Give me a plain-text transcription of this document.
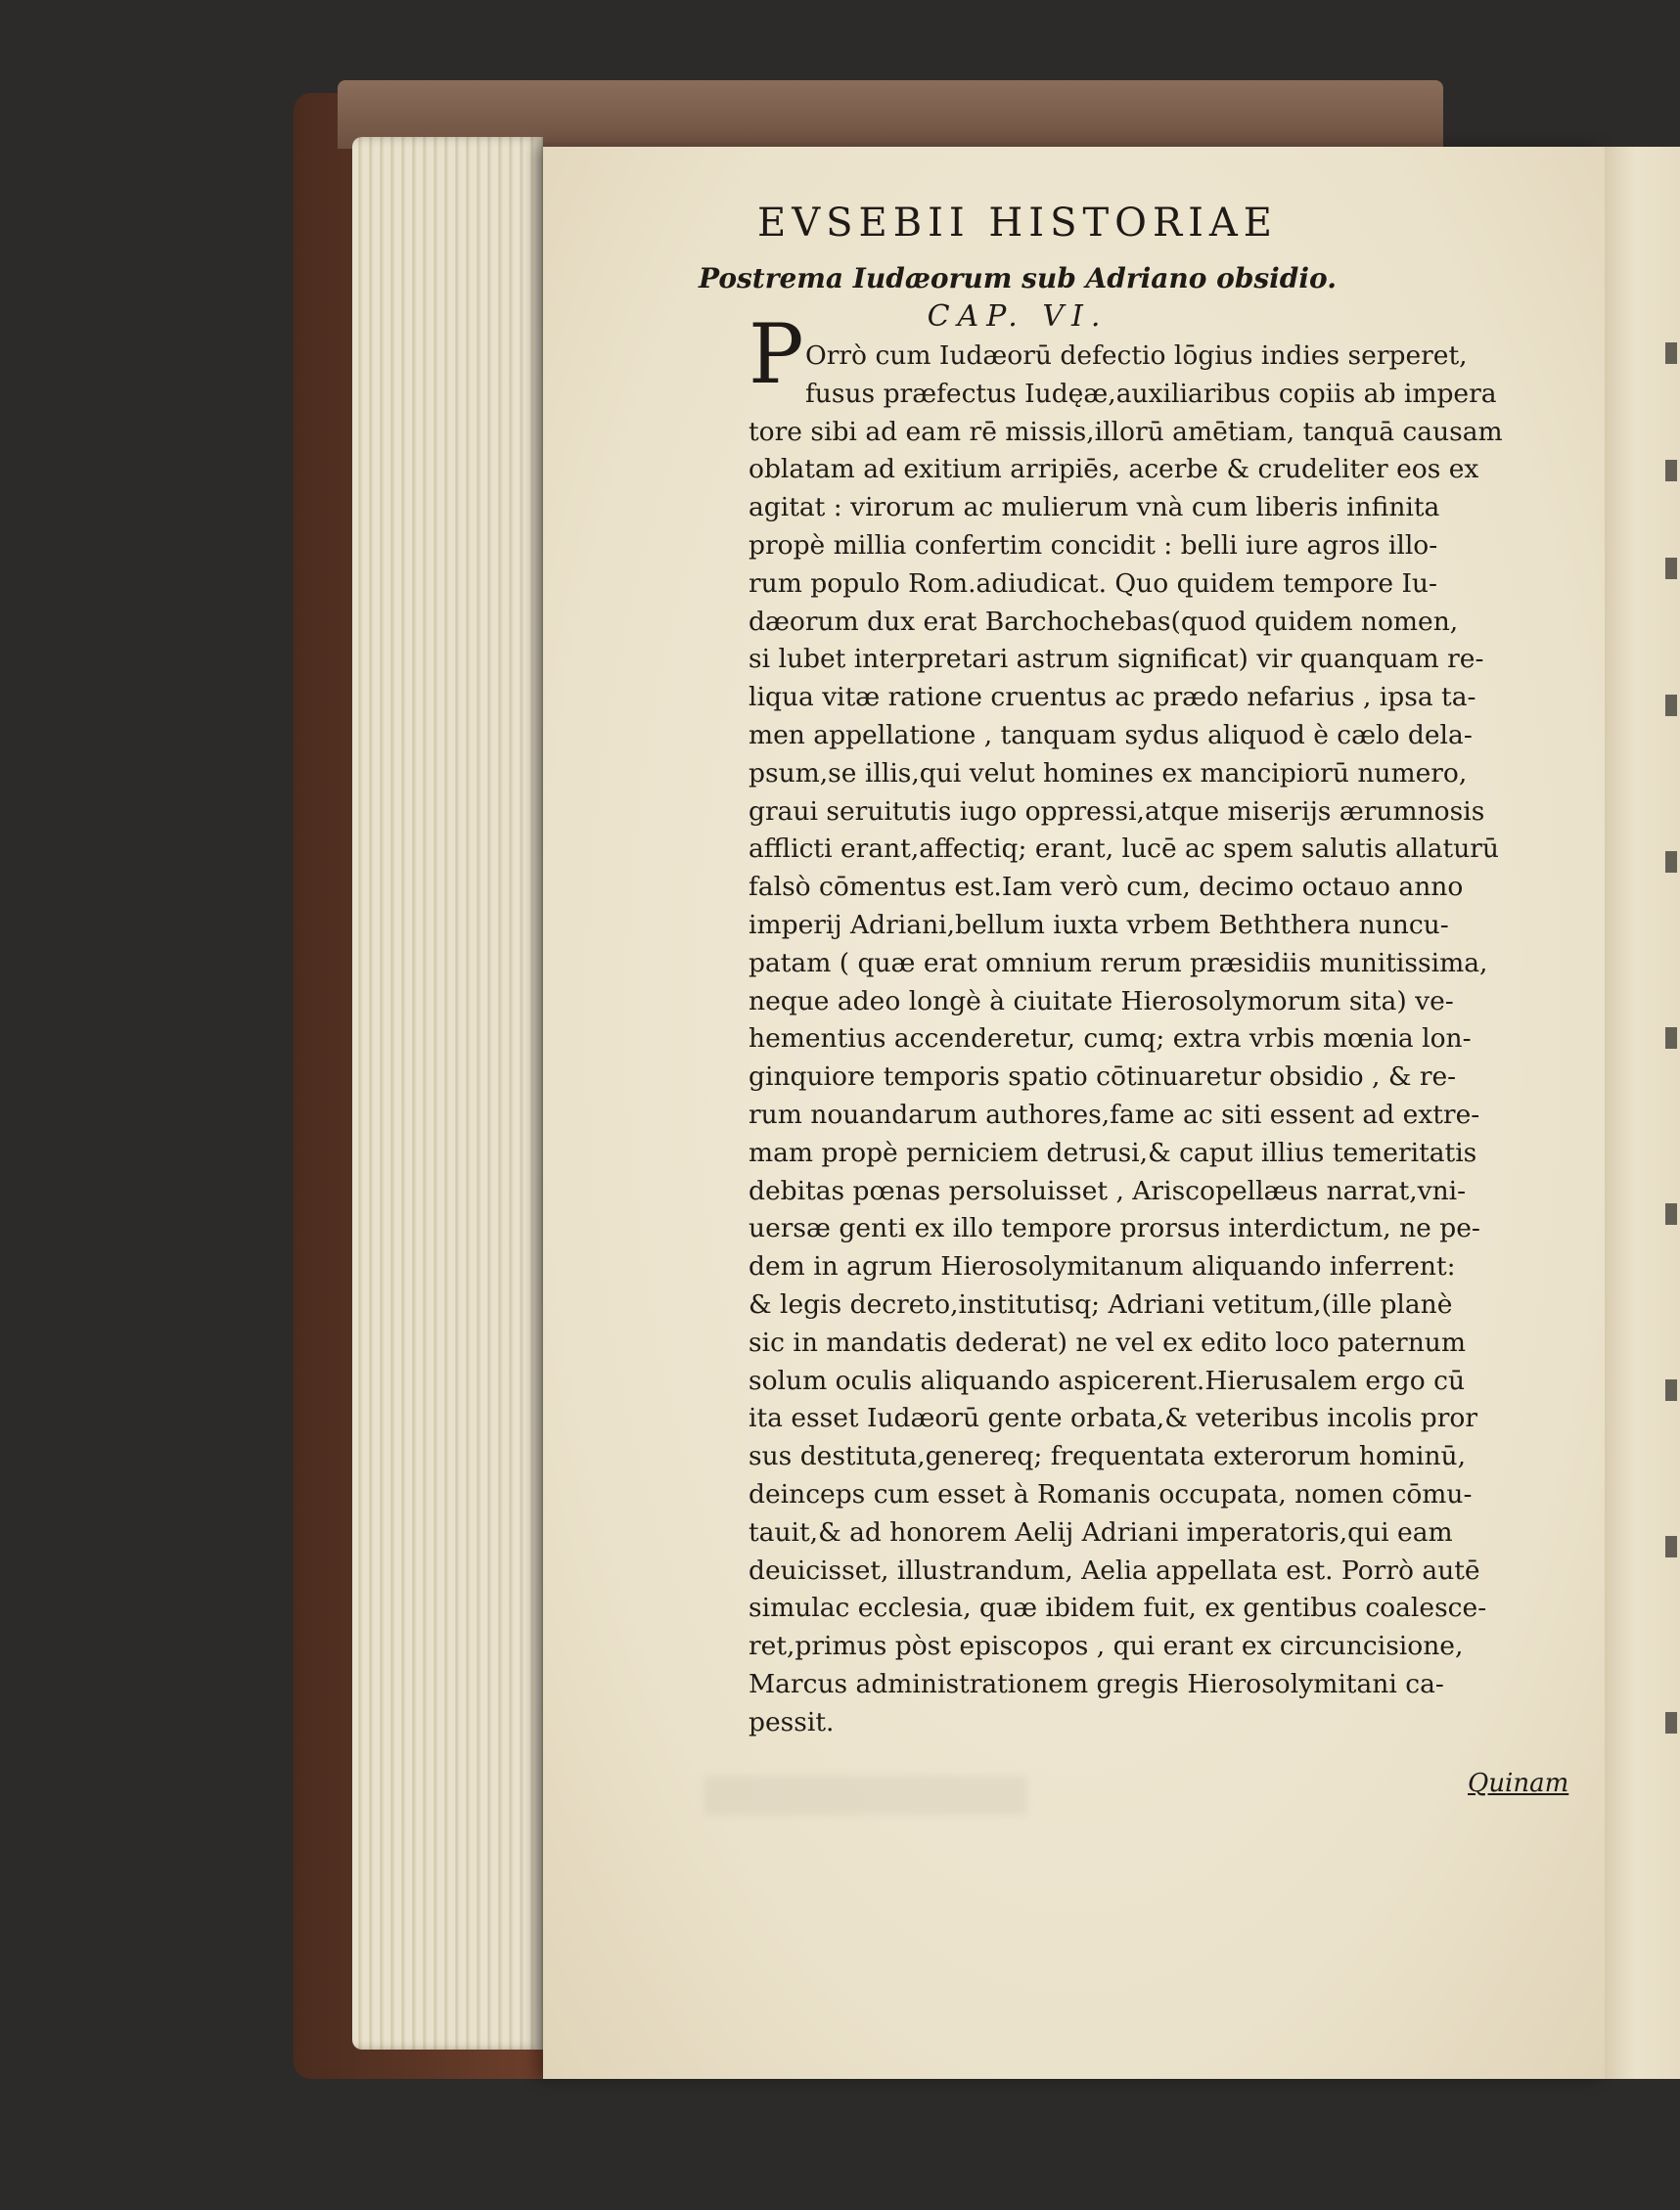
EVSEBII HISTORIAE

Postrema Iudæorum sub Adriano obsidio.

CAP. VI.

P Orrò cum Iudæorū defectio lōgius indies serperet,
fusus præfectus Iudęæ,auxiliaribus copiis ab impera
tore sibi ad eam rē missis,illorū amētiam, tanquā causam
oblatam ad exitium arripiēs, acerbe & crudeliter eos ex
agitat : virorum ac mulierum vnà cum liberis infinita
propè millia confertim concidit : belli iure agros illo-
rum populo Rom.adiudicat. Quo quidem tempore Iu-
dæorum dux erat Barchochebas(quod quidem nomen,
si lubet interpretari astrum significat) vir quanquam re-
liqua vitæ ratione cruentus ac prædo nefarius , ipsa ta-
men appellatione , tanquam sydus aliquod è cælo dela-
psum,se illis,qui velut homines ex mancipiorū numero,
graui seruitutis iugo oppressi,atque miserijs ærumnosis
afflicti erant,affectiq; erant, lucē ac spem salutis allaturū
falsò cōmentus est.Iam verò cum, decimo octauo anno
imperij Adriani,bellum iuxta vrbem Beththera nuncu-
patam ( quæ erat omnium rerum præsidiis munitissima,
neque adeo longè à ciuitate Hierosolymorum sita) ve-
hementius accenderetur, cumq; extra vrbis mœnia lon-
ginquiore temporis spatio cōtinuaretur obsidio , & re-
rum nouandarum authores,fame ac siti essent ad extre-
mam propè perniciem detrusi,& caput illius temeritatis
debitas pœnas persoluisset , Ariscopellæus narrat,vni-
uersæ genti ex illo tempore prorsus interdictum, ne pe-
dem in agrum Hierosolymitanum aliquando inferrent:
& legis decreto,institutisq; Adriani vetitum,(ille planè
sic in mandatis dederat) ne vel ex edito loco paternum
solum oculis aliquando aspicerent.Hierusalem ergo cū
ita esset Iudæorū gente orbata,& veteribus incolis pror
sus destituta,genereq; frequentata exterorum hominū,
deinceps cum esset à Romanis occupata, nomen cōmu-
tauit,& ad honorem Aelij Adriani imperatoris,qui eam
deuicisset, illustrandum, Aelia appellata est. Porrò autē
simulac ecclesia, quæ ibidem fuit, ex gentibus coalesce-
ret,primus pòst episcopos , qui erant ex circuncisione,
Marcus administrationem gregis Hierosolymitani ca-
pessit.
Quinam
